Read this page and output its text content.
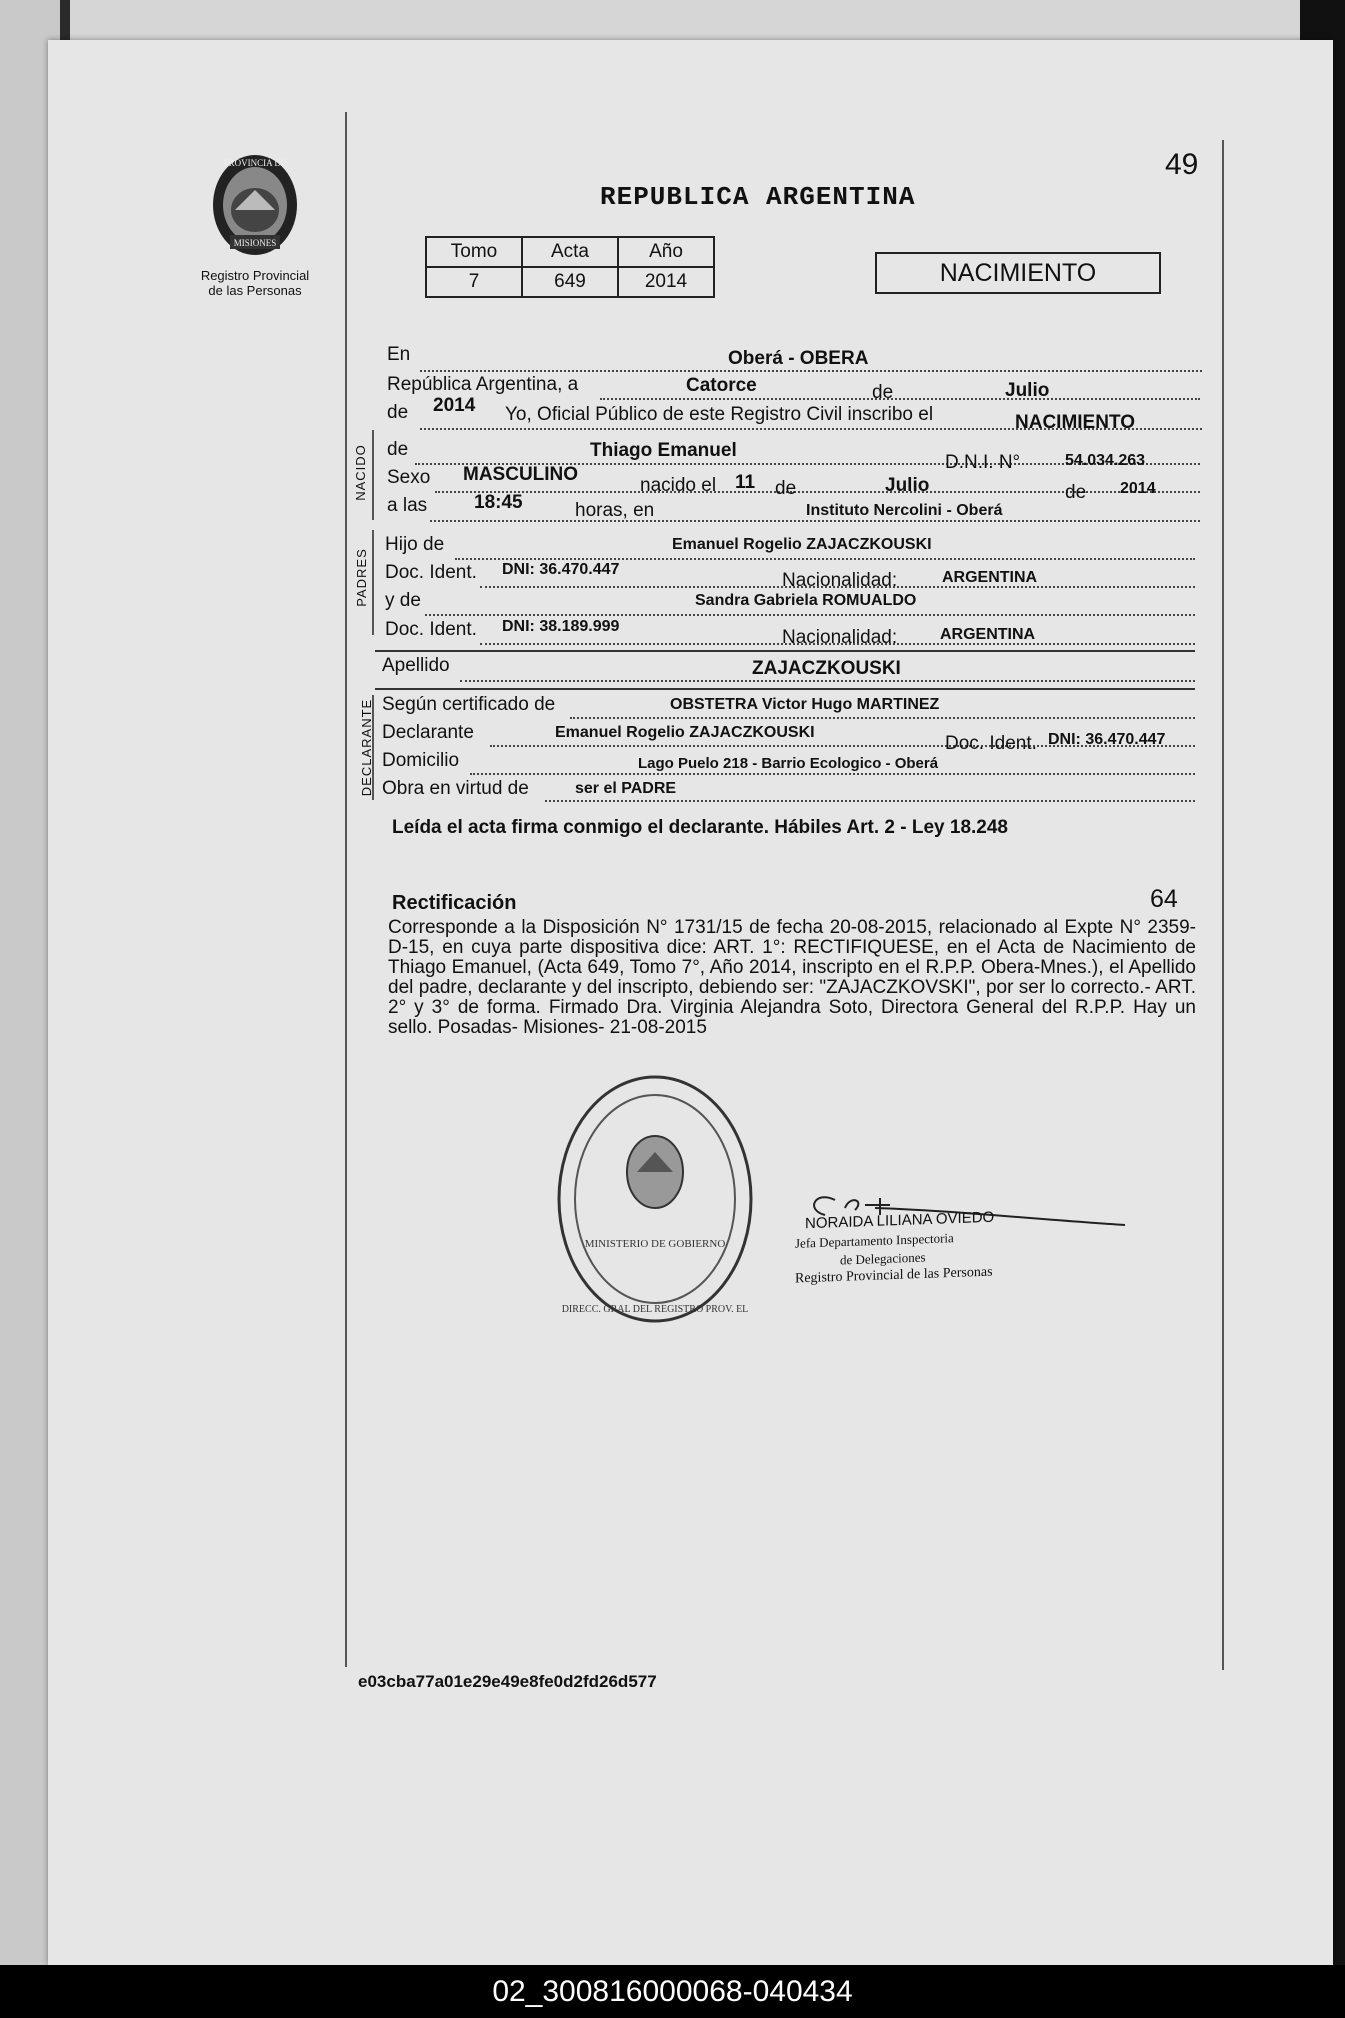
PROVINCIA DE
MISIONES
Registro Provincial
de las Personas
REPUBLICA ARGENTINA
49
Tomo	Acta	Año
7	649	2014	NACIMIENTO
En	Oberá - OBERA
República Argentina, a	Catorce	de	Julio
de 2014 Yo, Oficial Público de este Registro Civil inscribo el	NACIMIENTO
NACIDO de	Thiago Emanuel
D.N.I. N°	54.034.263
Sexo MASCULINO
nacido el 11 de	Julio	de 2014
a las 18:45	horas, en	Instituto Nercolini - Oberá
PADRES
Hijo de	Emanuel Rogelio ZAJACZKOUSKI
Doc. Ident. DNI: 36.470.447
Nacionalidad:	ARGENTINA
y de	Sandra Gabriela ROMUALDO
Doc. Ident. DNI: 38.189.999
Nacionalidad:	ARGENTINA
Apellido	ZAJACZKOUSKI
DECLARANTE Según certificado de	OBSTETRA Victor Hugo MARTINEZ
Declarante	Emanuel Rogelio ZAJACZKOUSKI
Doc. Ident. DNI: 36.470.447
Domicilio	Lago Puelo 218 - Barrio Ecologico - Oberá
Obra en virtud de	ser el PADRE
Leída el acta firma conmigo el declarante. Hábiles Art. 2 - Ley 18.248
Rectificación	64
Corresponde a la Disposición N° 1731/15 de fecha 20-08-2015, relacionado al Expte N° 2359-D-15, en cuya parte dispositiva dice: ART. 1°: RECTIFIQUESE, en el Acta de Nacimiento de Thiago Emanuel, (Acta 649, Tomo 7°, Año 2014, inscripto en el R.P.P. Obera-Mnes.), el Apellido del padre, declarante y del inscripto, debiendo ser: "ZAJACZKOVSKI", por ser lo correcto.- ART. 2° y 3° de forma. Firmado Dra. Virginia Alejandra Soto, Directora General del R.P.P. Hay un sello. Posadas- Misiones- 21-08-2015
MINISTERIO DE GOBIERNO
DIRECC. GRAL DEL REGISTRO PROV. EL
NORAIDA LILIANA OVIEDO
Jefa Departamento Inspectoria
de Delegaciones
Registro Provincial de las Personas
e03cba77a01e29e49e8fe0d2fd26d577
02_300816000068-040434
